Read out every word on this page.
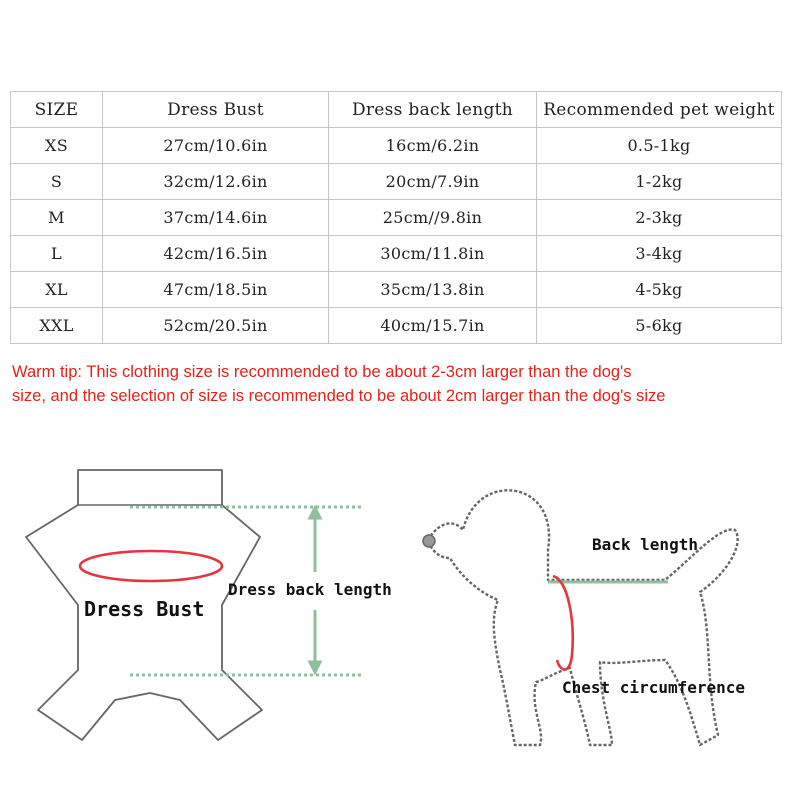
SIZE	Dress Bust	Dress back length	Recommended pet weight
XS	27cm/10.6in	16cm/6.2in	0.5-1kg
S	32cm/12.6in	20cm/7.9in	1-2kg
M	37cm/14.6in	25cm//9.8in	2-3kg
L	42cm/16.5in	30cm/11.8in	3-4kg
XL	47cm/18.5in	35cm/13.8in	4-5kg
XXL	52cm/20.5in	40cm/15.7in	5-6kg
Warm tip: This clothing size is recommended to be about 2-3cm larger than the dog's
size, and the selection of size is recommended to be about 2cm larger than the dog's size
Dress Bust
Dress back length
Back length
Chest circumference
